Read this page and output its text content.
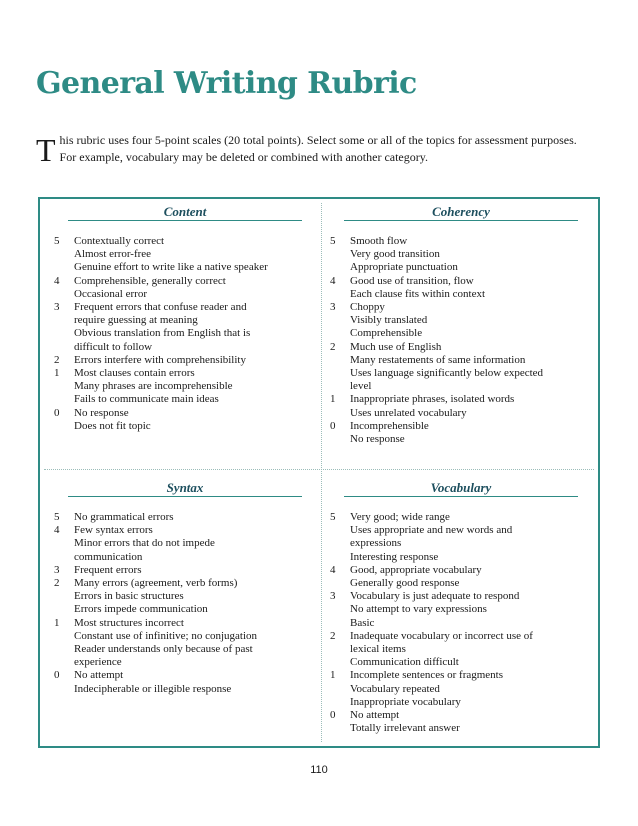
General Writing Rubric
T his rubric uses four 5-point scales (20 total points). Select some or all of the topics for assessment purposes. For example, vocabulary may be deleted or combined with another category.
Content
5	Contextually correct
Almost error-free
Genuine effort to write like a native speaker
4	Comprehensible, generally correct
Occasional error
3	Frequent errors that confuse reader and
require guessing at meaning
Obvious translation from English that is
difficult to follow
2	Errors interfere with comprehensibility
1	Most clauses contain errors
Many phrases are incomprehensible
Fails to communicate main ideas
0	No response
Does not fit topic
Coherency
5	Smooth flow
Very good transition
Appropriate punctuation
4	Good use of transition, flow
Each clause fits within context
3	Choppy
Visibly translated
Comprehensible
2	Much use of English
Many restatements of same information
Uses language significantly below expected
level
1	Inappropriate phrases, isolated words
Uses unrelated vocabulary
0	Incomprehensible
No response
Syntax
5	No grammatical errors
4	Few syntax errors
Minor errors that do not impede
communication
3	Frequent errors
2	Many errors (agreement, verb forms)
Errors in basic structures
Errors impede communication
1	Most structures incorrect
Constant use of infinitive; no conjugation
Reader understands only because of past
experience
0	No attempt
Indecipherable or illegible response
Vocabulary
5	Very good; wide range
Uses appropriate and new words and
expressions
Interesting response
4	Good, appropriate vocabulary
Generally good response
3	Vocabulary is just adequate to respond
No attempt to vary expressions
Basic
2	Inadequate vocabulary or incorrect use of
lexical items
Communication difficult
1	Incomplete sentences or fragments
Vocabulary repeated
Inappropriate vocabulary
0	No attempt
Totally irrelevant answer
110
